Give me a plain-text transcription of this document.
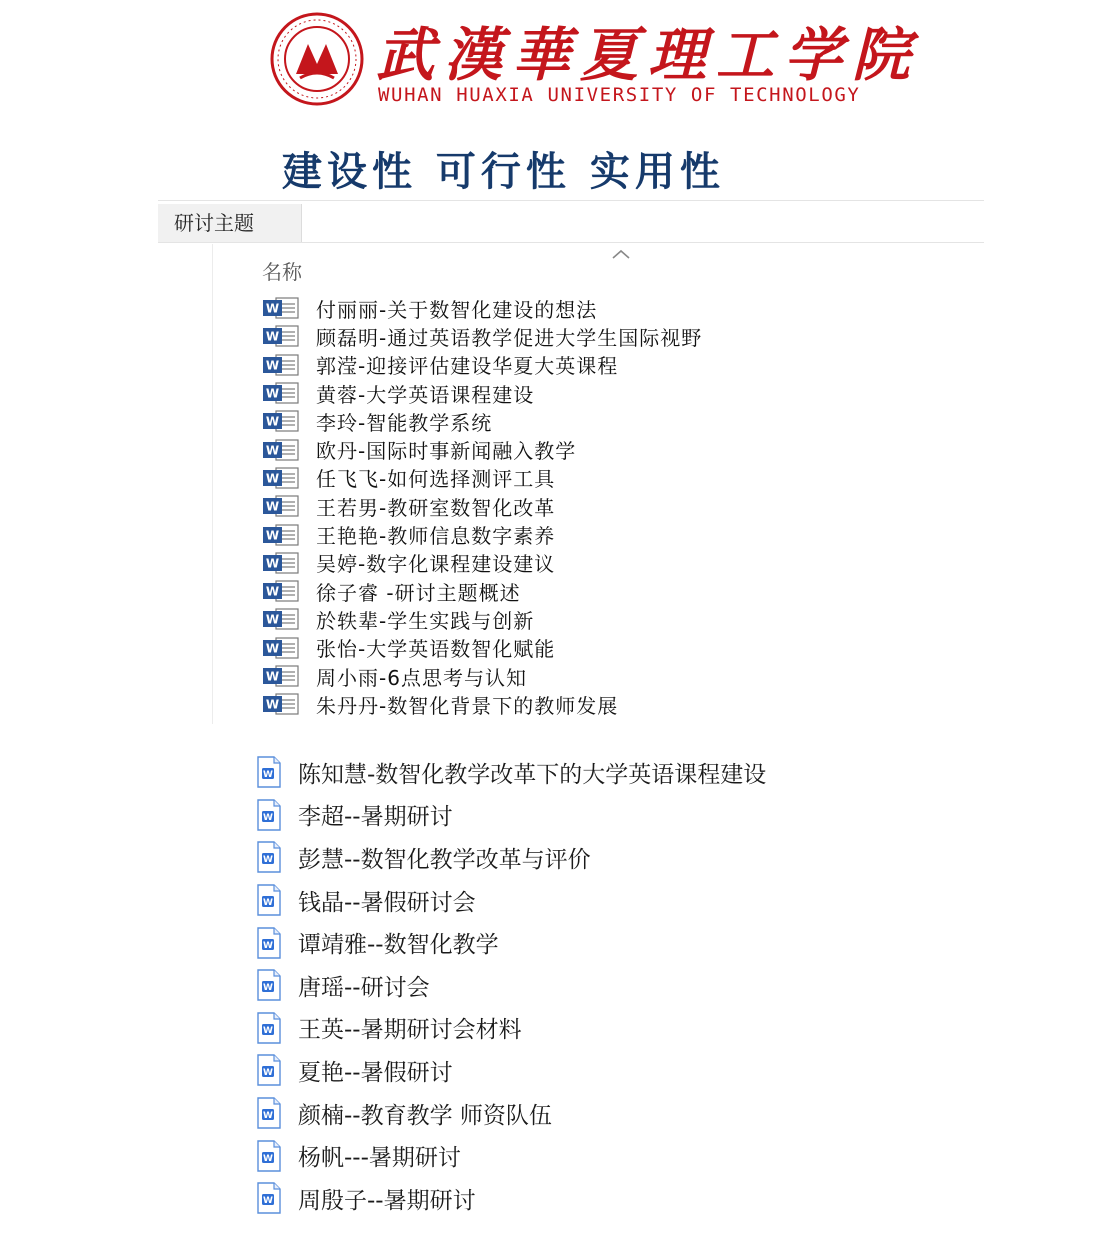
武漢華夏理工学院
WUHAN HUAXIA UNIVERSITY OF TECHNOLOGY
建设性 可行性 实用性
研讨主题
名称
W 付丽丽-关于数智化建设的想法
W 顾磊明-通过英语教学促进大学生国际视野
W 郭滢-迎接评估建设华夏大英课程
W 黄蓉-大学英语课程建设
W 李玲-智能教学系统
W 欧丹-国际时事新闻融入教学
W 任飞飞-如何选择测评工具
W 王若男-教研室数智化改革
W 王艳艳-教师信息数字素养
W 吴婷-数字化课程建设建议
W 徐子睿 -研讨主题概述
W 於轶辈-学生实践与创新
W 张怡-大学英语数智化赋能
W 周小雨-6点思考与认知
W 朱丹丹-数智化背景下的教师发展
W 陈知慧-数智化教学改革下的大学英语课程建设
W 李超--暑期研讨
W 彭慧--数智化教学改革与评价
W 钱晶--暑假研讨会
W 谭靖雅--数智化教学
W 唐瑶--研讨会
W 王英--暑期研讨会材料
W 夏艳--暑假研讨
W 颜楠--教育教学 师资队伍
W 杨帆---暑期研讨
W 周殷子--暑期研讨
